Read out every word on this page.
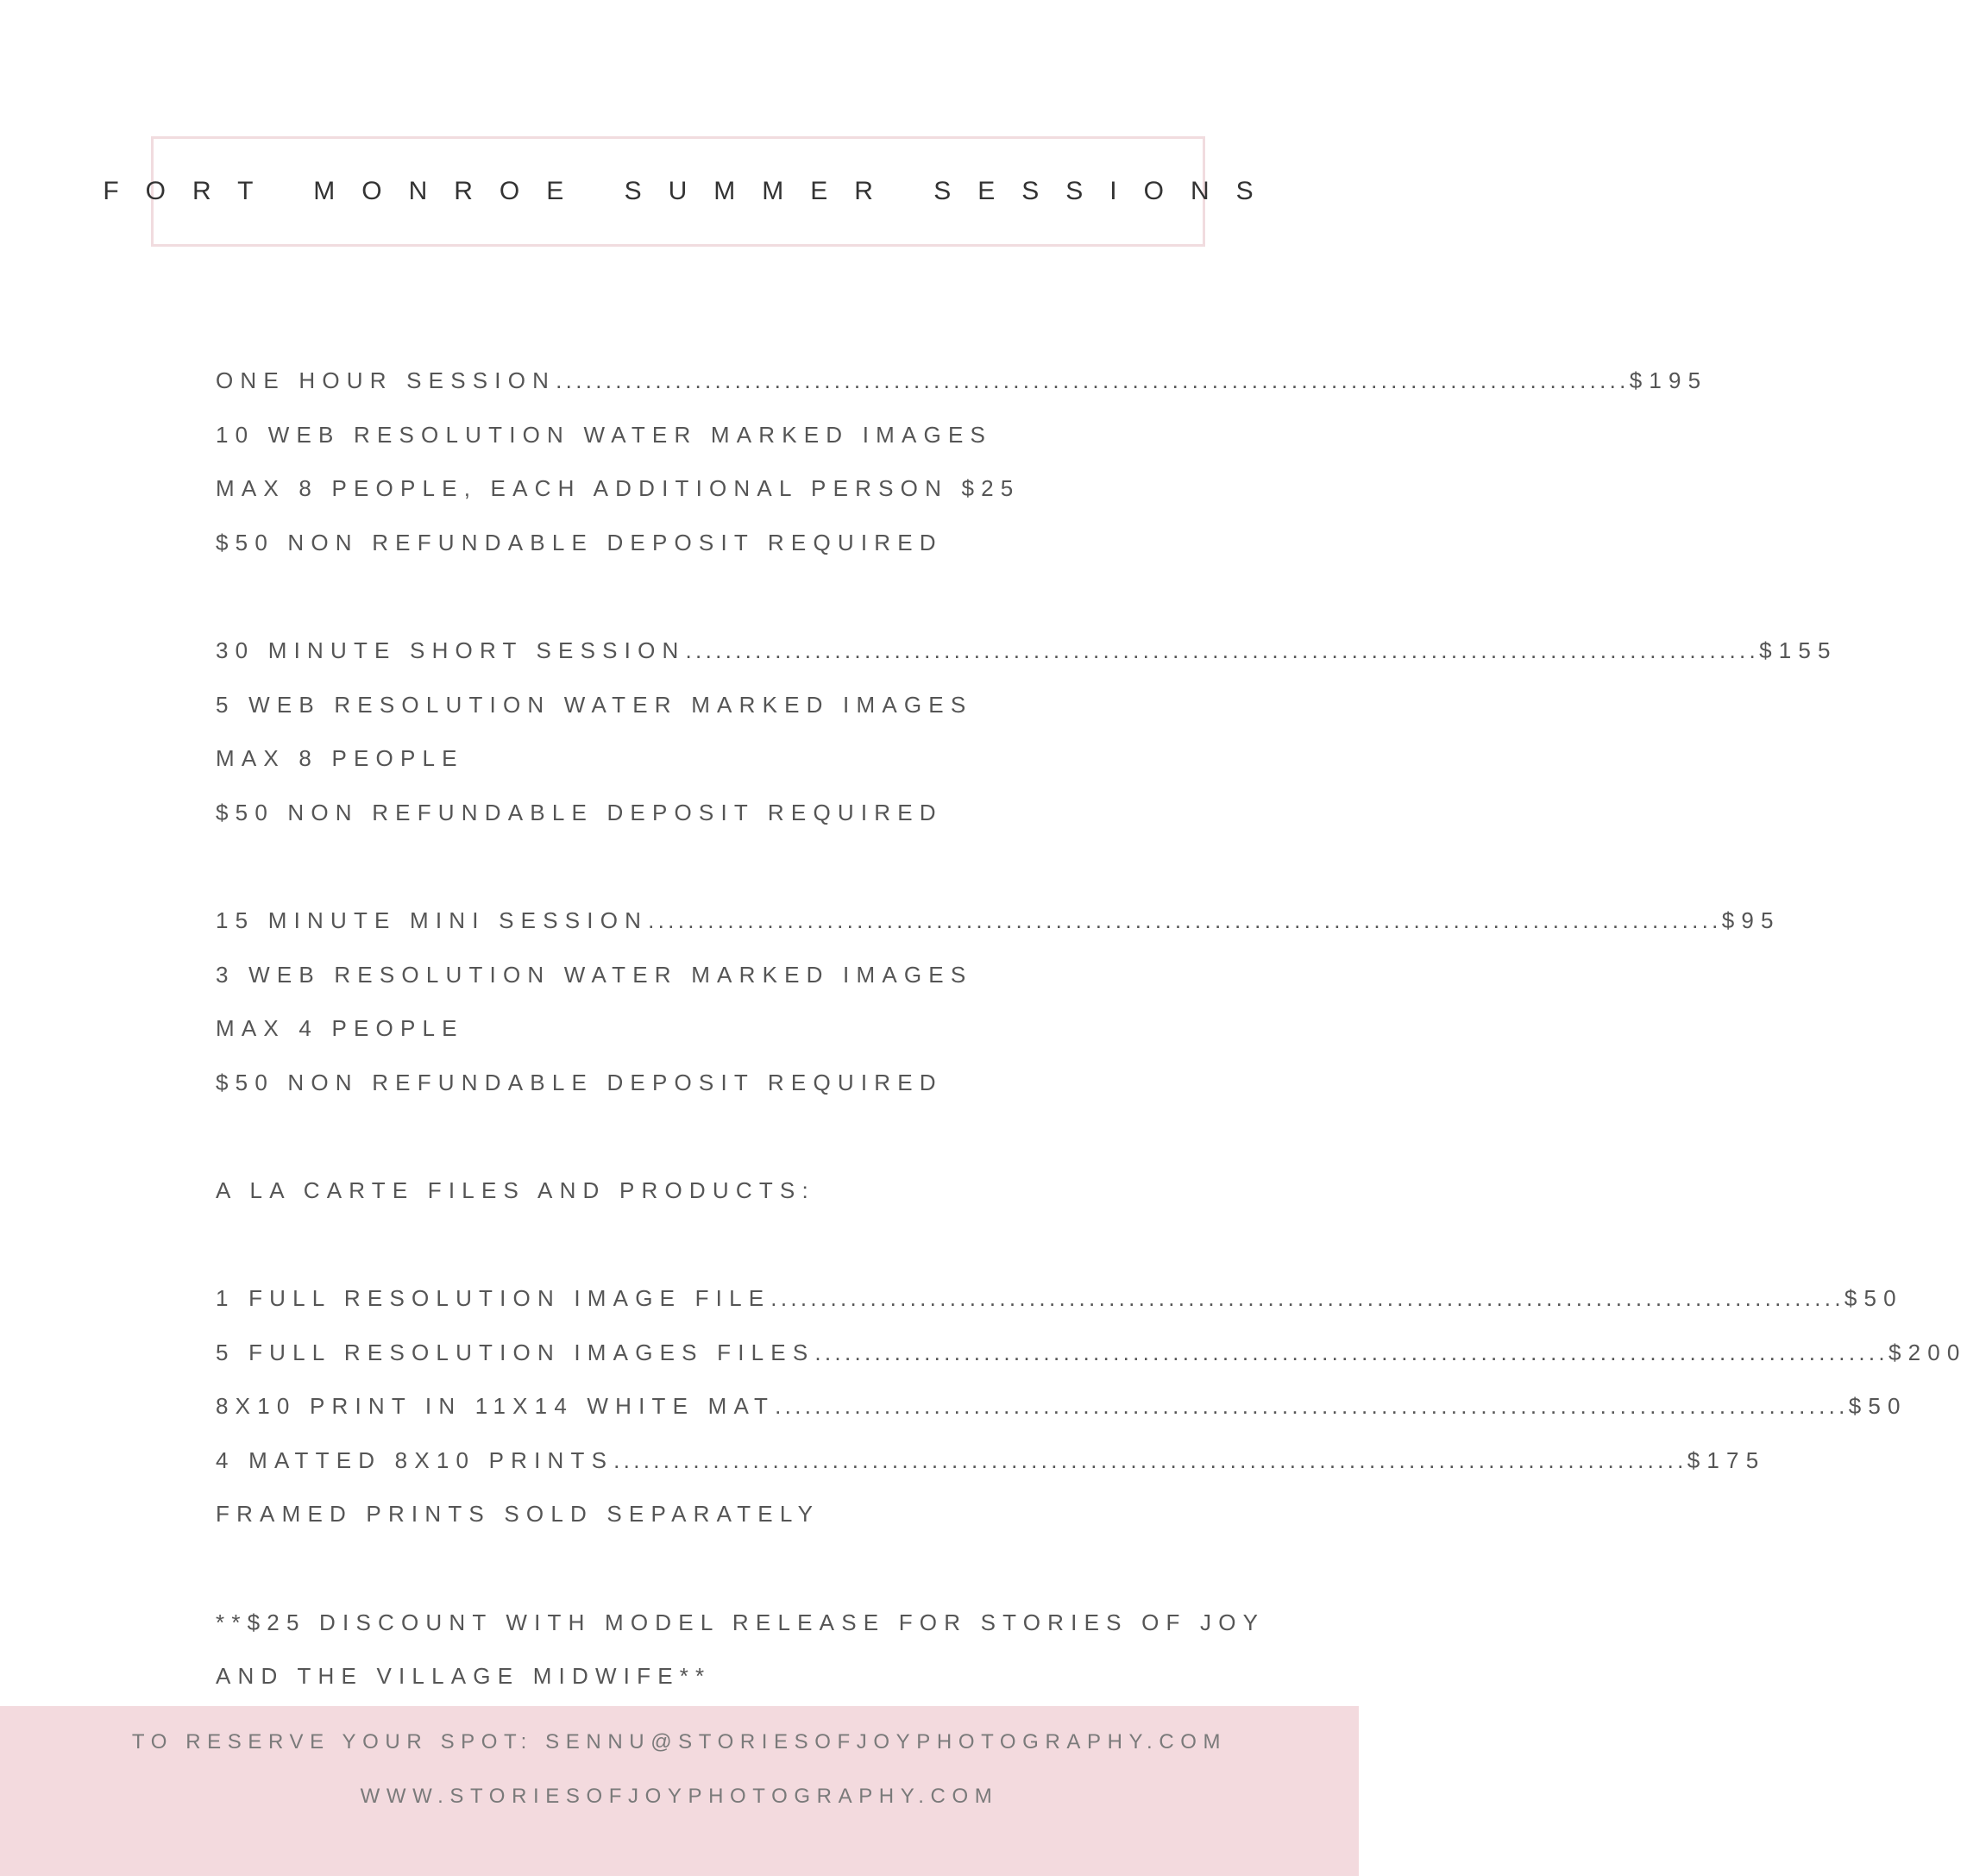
FORT MONROE SUMMER SESSIONS
ONE HOUR SESSION ............................................................................................................ $195
10 WEB RESOLUTION WATER MARKED IMAGES
MAX 8 PEOPLE, EACH ADDITIONAL PERSON $25
$50 NON REFUNDABLE DEPOSIT REQUIRED
30 MINUTE SHORT SESSION ............................................................................................................ $155
5 WEB RESOLUTION WATER MARKED IMAGES
MAX 8 PEOPLE
$50 NON REFUNDABLE DEPOSIT REQUIRED
15 MINUTE MINI SESSION ............................................................................................................ $95
3 WEB RESOLUTION WATER MARKED IMAGES
MAX 4 PEOPLE
$50 NON REFUNDABLE DEPOSIT REQUIRED
A LA CARTE FILES AND PRODUCTS:
1 FULL RESOLUTION IMAGE FILE ............................................................................................................ $50
5 FULL RESOLUTION IMAGES FILES ............................................................................................................ $200
8X10 PRINT IN 11X14 WHITE MAT ............................................................................................................ $50
4 MATTED 8X10 PRINTS ............................................................................................................ $175
FRAMED PRINTS SOLD SEPARATELY
**$25 DISCOUNT WITH MODEL RELEASE FOR STORIES OF JOY
AND THE VILLAGE MIDWIFE**
TO RESERVE YOUR SPOT: SENNU@STORIESOFJOYPHOTOGRAPHY.COM
WWW.STORIESOFJOYPHOTOGRAPHY.COM
